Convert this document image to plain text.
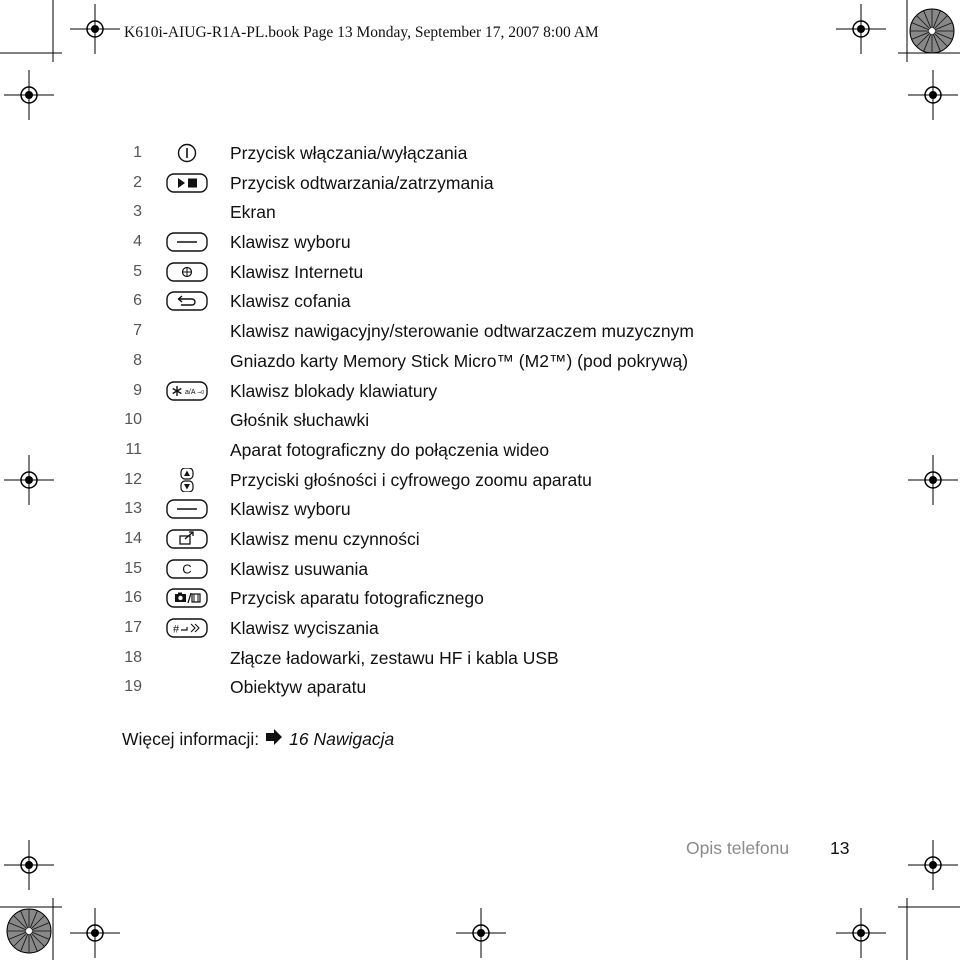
K610i-AIUG-R1A-PL.book Page 13 Monday, September 17, 2007 8:00 AM
1	Przycisk włączania/wyłączania
2	Przycisk odtwarzania/zatrzymania
3	Ekran
4	Klawisz wyboru
5	Klawisz Internetu
6	Klawisz cofania
7	Klawisz nawigacyjny/sterowanie odtwarzaczem muzycznym
8	Gniazdo karty Memory Stick Micro™ (M2™) (pod pokrywą)
9	a/A ⊸0 Klawisz blokady klawiatury
10	Głośnik słuchawki
11	Aparat fotograficzny do połączenia wideo
12	Przyciski głośności i cyfrowego zoomu aparatu
13	Klawisz wyboru
14	Klawisz menu czynności
15	C Klawisz usuwania
16	Przycisk aparatu fotograficznego
17	#	Klawisz wyciszania
18	Złącze ładowarki, zestawu HF i kabla USB
19	Obiektyw aparatu
Więcej informacji: 16 Nawigacja
Opis telefonu 13
